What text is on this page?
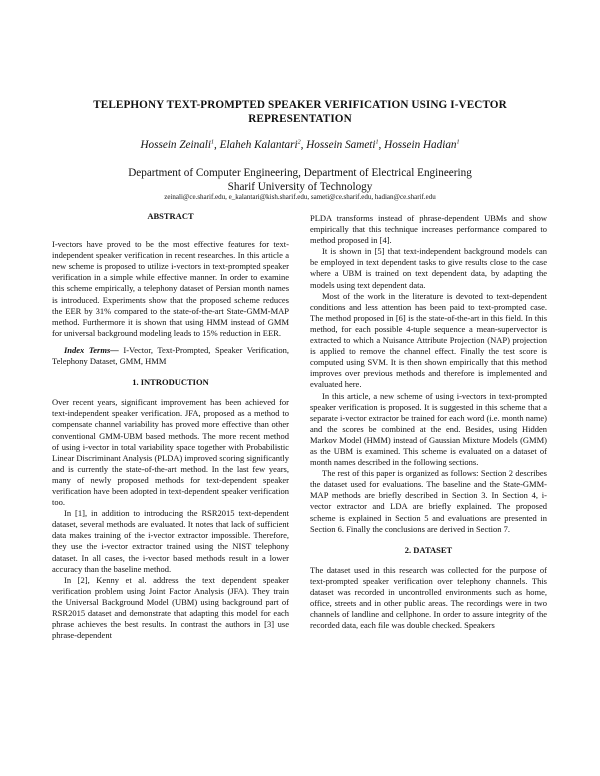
TELEPHONY TEXT-PROMPTED SPEAKER VERIFICATION USING I-VECTOR REPRESENTATION
Hossein Zeinali$^1$, Elaheh Kalantari$^2$, Hossein Sameti$^1$, Hossein Hadian$^1$
Department of Computer Engineering, Department of Electrical Engineering
Sharif University of Technology
zeinali@ce.sharif.edu, e_kalantari@kish.sharif.edu, sameti@ce.sharif.edu, hadian@ce.sharif.edu
ABSTRACT

I-vectors have proved to be the most effective features for text-independent speaker verification in recent researches. In this article a new scheme is proposed to utilize i-vectors in text-prompted speaker verification in a simple while effective manner. In order to examine this scheme empirically, a telephony dataset of Persian month names is introduced. Experiments show that the proposed scheme reduces the EER by 31% compared to the state-of-the-art State-GMM-MAP method. Furthermore it is shown that using HMM instead of GMM for universal background modeling leads to 15% reduction in EER.

Index Terms— I-Vector, Text-Prompted, Speaker Verification, Telephony Dataset, GMM, HMM

1. INTRODUCTION

Over recent years, significant improvement has been achieved for text-independent speaker verification. JFA, proposed as a method to compensate channel variability has proved more effective than other conventional GMM-UBM based methods. The more recent method of using i-vector in total variability space together with Probabilistic Linear Discriminant Analysis (PLDA) improved scoring significantly and is currently the state-of-the-art method. In the last few years, many of newly proposed methods for text-dependent speaker verification have been adopted in text-dependent speaker verification too.

In [1], in addition to introducing the RSR2015 text-dependent dataset, several methods are evaluated. It notes that lack of sufficient data makes training of the i-vector extractor impossible. Therefore, they use the i-vector extractor trained using the NIST telephony dataset. In all cases, the i-vector based methods result in a lower accuracy than the baseline method.

In [2], Kenny et al. address the text dependent speaker verification problem using Joint Factor Analysis (JFA). They train the Universal Background Model (UBM) using background part of RSR2015 dataset and demonstrate that adapting this model for each phrase achieves the best results. In contrast the authors in [3] use phrase-dependent

PLDA transforms instead of phrase-dependent UBMs and show empirically that this technique increases performance compared to method proposed in [4].

It is shown in [5] that text-independent background models can be employed in text dependent tasks to give results close to the case where a UBM is trained on text dependent data, by adapting the models using text dependent data.

Most of the work in the literature is devoted to text-dependent conditions and less attention has been paid to text-prompted case. The method proposed in [6] is the state-of-the-art in this field. In this method, for each possible 4-tuple sequence a mean-supervector is extracted to which a Nuisance Attribute Projection (NAP) projection is applied to remove the channel effect. Finally the test score is computed using SVM. It is then shown empirically that this method improves over previous methods and therefore is implemented and evaluated here.

In this article, a new scheme of using i-vectors in text-prompted speaker verification is proposed. It is suggested in this scheme that a separate i-vector extractor be trained for each word (i.e. month name) and the scores be combined at the end. Besides, using Hidden Markov Model (HMM) instead of Gaussian Mixture Models (GMM) as the UBM is examined. This scheme is evaluated on a dataset of month names described in the following sections.

The rest of this paper is organized as follows: Section 2 describes the dataset used for evaluations. The baseline and the State-GMM-MAP methods are briefly described in Section 3. In Section 4, i-vector extractor and LDA are briefly explained. The proposed scheme is explained in Section 5 and evaluations are presented in Section 6. Finally the conclusions are derived in Section 7.

2. DATASET

The dataset used in this research was collected for the purpose of text-prompted speaker verification over telephony channels. This dataset was recorded in uncontrolled environments such as home, office, streets and in other public areas. The recordings were in two channels of landline and cellphone. In order to assure integrity of the recorded data, each file was double checked. Speakers
